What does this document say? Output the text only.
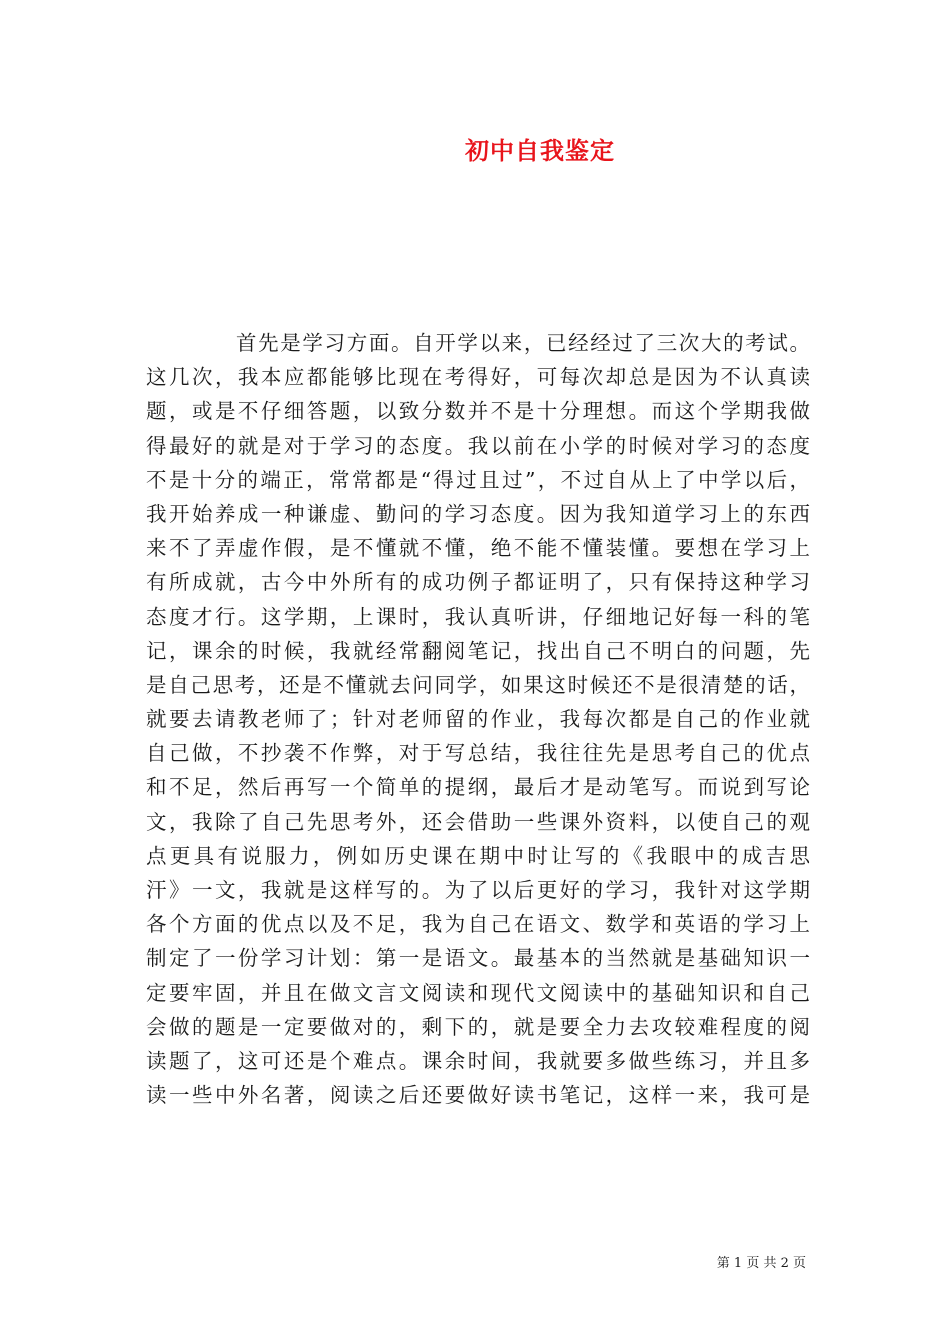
初中自我鉴定
首先是学习方面。自开学以来，已经经过了三次大的考试。
这几次，我本应都能够比现在考得好，可每次却总是因为不认真读
题，或是不仔细答题，以致分数并不是十分理想。而这个学期我做
得最好的就是对于学习的态度。我以前在小学的时候对学习的态度
不是十分的端正，常常都是“得过且过”，不过自从上了中学以后，
我开始养成一种谦虚、勤问的学习态度。因为我知道学习上的东西
来不了弄虚作假，是不懂就不懂，绝不能不懂装懂。要想在学习上
有所成就，古今中外所有的成功例子都证明了，只有保持这种学习
态度才行。这学期，上课时，我认真听讲，仔细地记好每一科的笔
记，课余的时候，我就经常翻阅笔记，找出自己不明白的问题，先
是自己思考，还是不懂就去问同学，如果这时候还不是很清楚的话，
就要去请教老师了；针对老师留的作业，我每次都是自己的作业就
自己做，不抄袭不作弊，对于写总结，我往往先是思考自己的优点
和不足，然后再写一个简单的提纲，最后才是动笔写。而说到写论
文，我除了自己先思考外，还会借助一些课外资料，以使自己的观
点更具有说服力，例如历史课在期中时让写的《我眼中的成吉思
汗》一文，我就是这样写的。为了以后更好的学习，我针对这学期
各个方面的优点以及不足，我为自己在语文、数学和英语的学习上
制定了一份学习计划：第一是语文。最基本的当然就是基础知识一
定要牢固，并且在做文言文阅读和现代文阅读中的基础知识和自己
会做的题是一定要做对的，剩下的，就是要全力去攻较难程度的阅
读题了，这可还是个难点。课余时间，我就要多做些练习，并且多
读一些中外名著，阅读之后还要做好读书笔记，这样一来，我可是
第 1 页 共 2 页
